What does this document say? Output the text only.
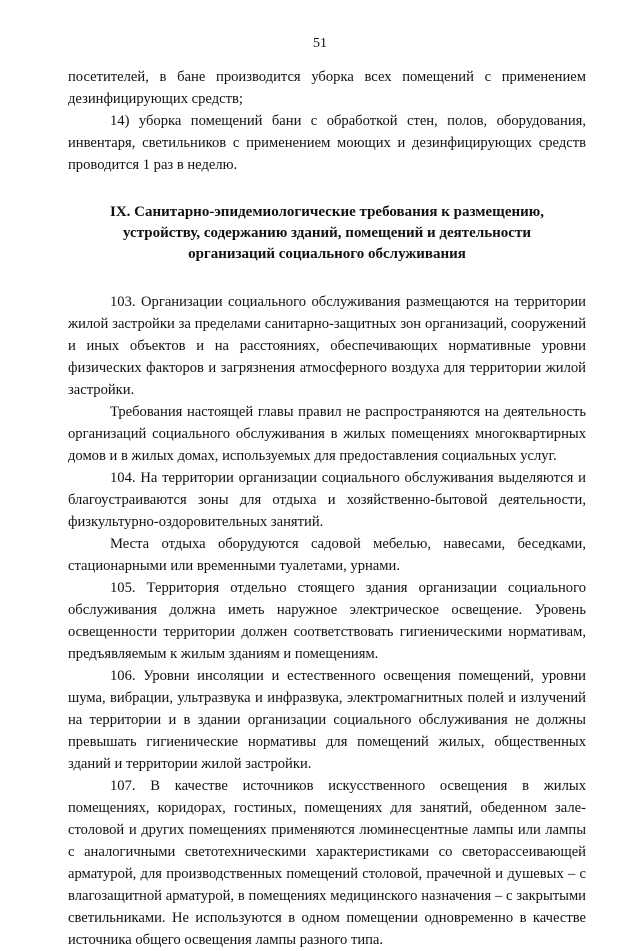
51

посетителей, в бане производится уборка всех помещений с применением дезинфицирующих средств;

14) уборка помещений бани с обработкой стен, полов, оборудования, инвентаря, светильников с применением моющих и дезинфицирующих средств проводится 1 раз в неделю.

IX. Санитарно-эпидемиологические требования к размещению,
устройству, содержанию зданий, помещений и деятельности
организаций социального обслуживания

103. Организации социального обслуживания размещаются на территории жилой застройки за пределами санитарно-защитных зон организаций, сооружений и иных объектов и на расстояниях, обеспечивающих нормативные уровни физических факторов и загрязнения атмосферного воздуха для территории жилой застройки.

Требования настоящей главы правил не распространяются на деятельность организаций социального обслуживания в жилых помещениях многоквартирных домов и в жилых домах, используемых для предоставления социальных услуг.

104. На территории организации социального обслуживания выделяются и благоустраиваются зоны для отдыха и хозяйственно-бытовой деятельности, физкультурно-оздоровительных занятий.

Места отдыха оборудуются садовой мебелью, навесами, беседками, стационарными или временными туалетами, урнами.

105. Территория отдельно стоящего здания организации социального обслуживания должна иметь наружное электрическое освещение. Уровень освещенности территории должен соответствовать гигиеническими нормативам, предъявляемым к жилым зданиям и помещениям.

106. Уровни инсоляции и естественного освещения помещений, уровни шума, вибрации, ультразвука и инфразвука, электромагнитных полей и излучений на территории и в здании организации социального обслуживания не должны превышать гигиенические нормативы для помещений жилых, общественных зданий и территории жилой застройки.

107. В качестве источников искусственного освещения в жилых помещениях, коридорах, гостиных, помещениях для занятий, обеденном зале-столовой и других помещениях применяются люминесцентные лампы или лампы с аналогичными светотехническими характеристиками со светорассеивающей арматурой, для производственных помещений столовой, прачечной и душевых – с влагозащитной арматурой, в помещениях медицинского назначения – с закрытыми светильниками. Не используются в одном помещении одновременно в качестве источника общего освещения лампы разного типа.
